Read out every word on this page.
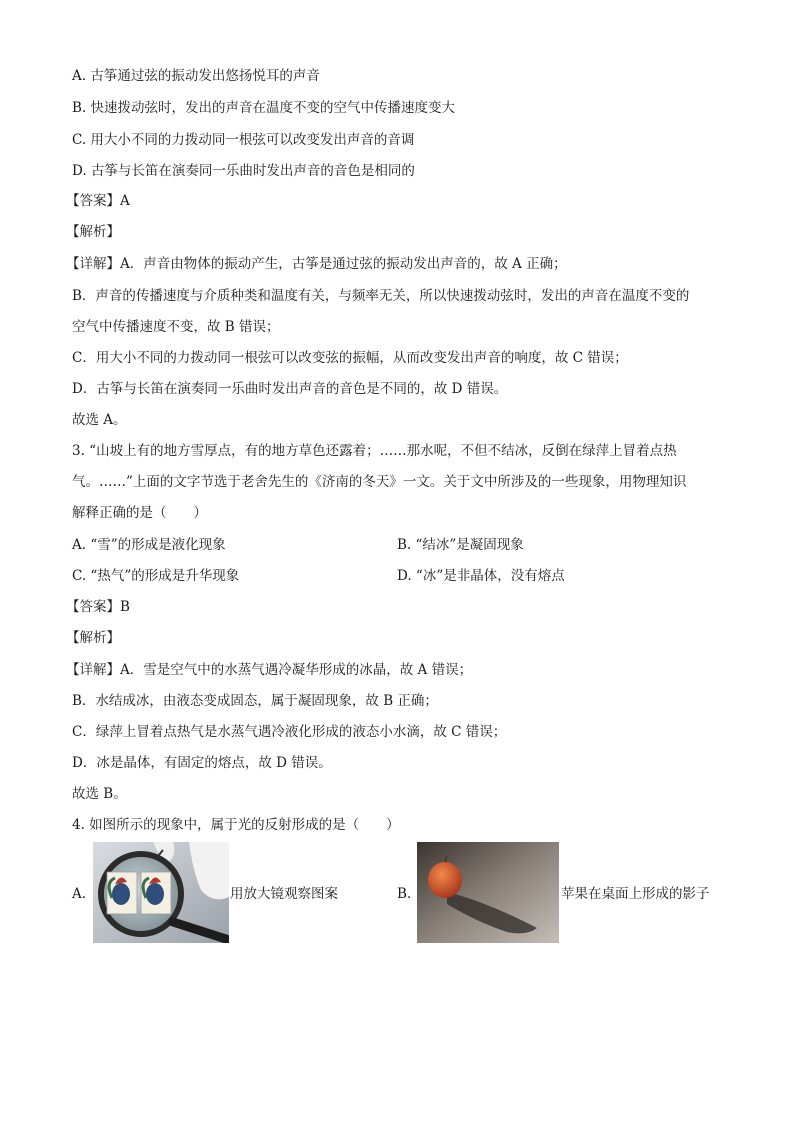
A. 古筝通过弦的振动发出悠扬悦耳的声音
B. 快速拨动弦时，发出的声音在温度不变的空气中传播速度变大
C. 用大小不同的力拨动同一根弦可以改变发出声音的音调
D. 古筝与长笛在演奏同一乐曲时发出声音的音色是相同的
【答案】A
【解析】
【详解】A．声音由物体的振动产生，古筝是通过弦的振动发出声音的，故 A 正确；
B．声音的传播速度与介质种类和温度有关，与频率无关，所以快速拨动弦时，发出的声音在温度不变的
空气中传播速度不变，故 B 错误；
C．用大小不同的力拨动同一根弦可以改变弦的振幅，从而改变发出声音的响度，故 C 错误；
D．古筝与长笛在演奏同一乐曲时发出声音的音色是不同的，故 D 错误。
故选 A。
3. “山坡上有的地方雪厚点，有的地方草色还露着；……那水呢，不但不结冰，反倒在绿萍上冒着点热
气。……”上面的文字节选于老舍先生的《济南的冬天》一文。关于文中所涉及的一些现象，用物理知识
解释正确的是（　　）
A. “雪”的形成是液化现象	B. “结冰”是凝固现象
C. “热气”的形成是升华现象	D. “冰”是非晶体，没有熔点
【答案】B
【解析】
【详解】A．雪是空气中的水蒸气遇冷凝华形成的冰晶，故 A 错误；
B．水结成冰，由液态变成固态，属于凝固现象，故 B 正确；
C．绿萍上冒着点热气是水蒸气遇冷液化形成的液态小水滴，故 C 错误；
D．冰是晶体，有固定的熔点，故 D 错误。
故选 B。
4. 如图所示的现象中，属于光的反射形成的是（　　）
A.	用放大镜观察图案	B.	苹果在桌面上形成的影子
